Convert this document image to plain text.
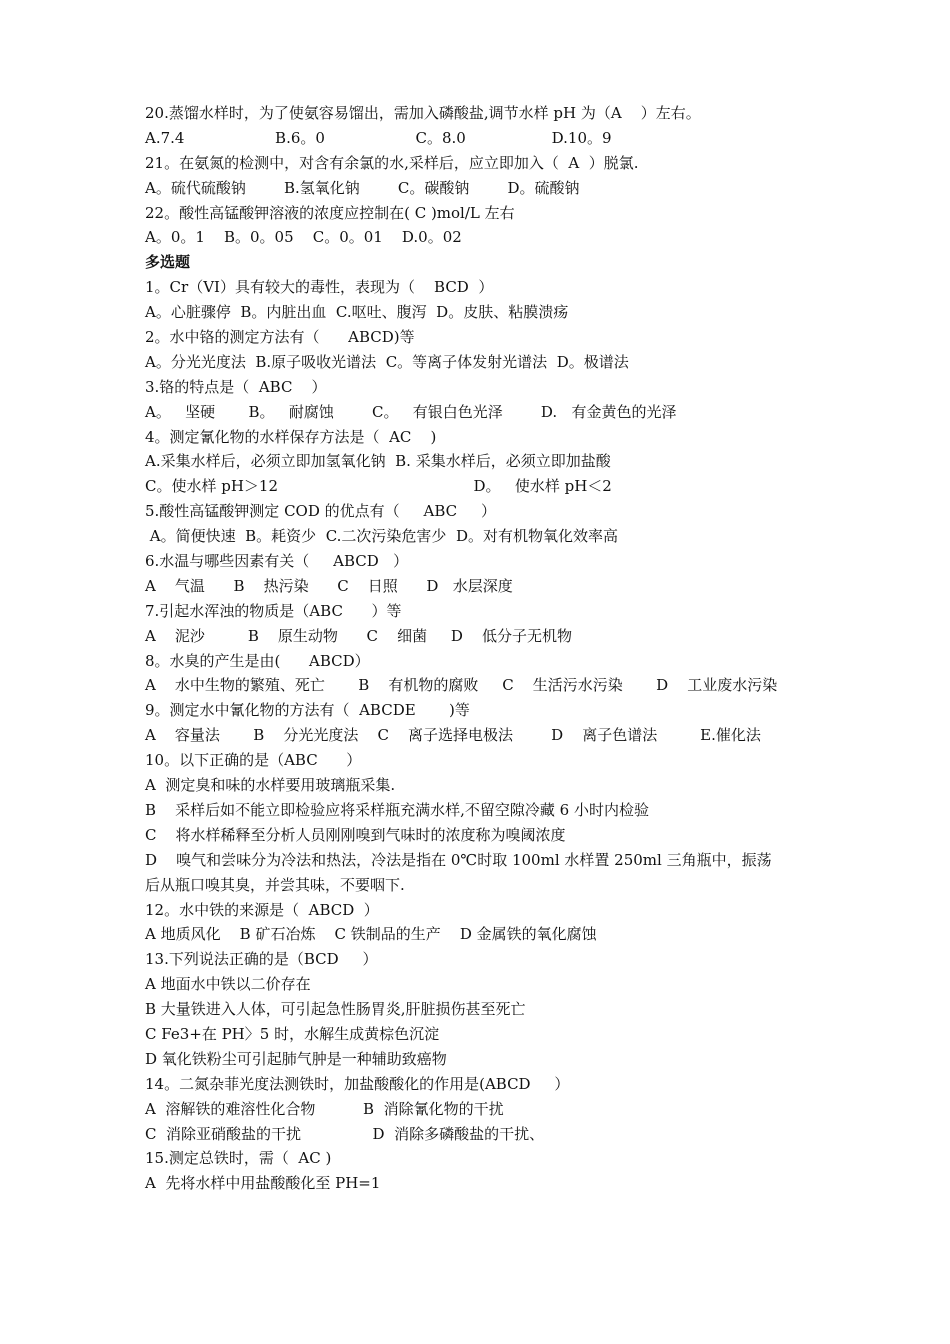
20.蒸馏水样时，为了使氨容易馏出，需加入磷酸盐,调节水样 pH 为（A    ）左右。
A.7.4                   B.6。0                   C。8.0                  D.10。9
21。在氨氮的检测中，对含有余氯的水,采样后，应立即加入（  A  ）脱氯.
A。硫代硫酸钠        B.氢氧化钠        C。碳酸钠        D。硫酸钠
22。酸性高锰酸钾溶液的浓度应控制在( C )mol/L 左右
A。0。1    B。0。05    C。0。01    D.0。02
多选题
1。Cr（VI）具有较大的毒性，表现为（    BCD  ）
A。心脏骤停  B。内脏出血  C.呕吐、腹泻  D。皮肤、粘膜溃疡
2。水中铬的测定方法有（      ABCD)等
A。分光光度法  B.原子吸收光谱法  C。等离子体发射光谱法  D。极谱法
3.铬的特点是（  ABC    ）
A。   坚硬       B。   耐腐蚀        C。   有银白色光泽        D.   有金黄色的光泽
4。测定氰化物的水样保存方法是（  AC    )
A.采集水样后，必须立即加氢氧化钠  B. 采集水样后，必须立即加盐酸
C。使水样 pH＞12                                         D。   使水样 pH＜2
5.酸性高锰酸钾测定 COD 的优点有（     ABC     ）
A。简便快速  B。耗资少  C.二次污染危害少  D。对有机物氧化效率高
6.水温与哪些因素有关（     ABCD   ）
A    气温      B    热污染      C    日照      D   水层深度
7.引起水浑浊的物质是（ABC      ）等
A    泥沙         B    原生动物      C    细菌     D    低分子无机物
8。水臭的产生是由(      ABCD）
A    水中生物的繁殖、死亡       B    有机物的腐败     C    生活污水污染       D    工业废水污染
9。测定水中氰化物的方法有（  ABCDE       )等
A    容量法       B    分光光度法    C    离子选择电极法        D    离子色谱法         E.催化法
10。以下正确的是（ABC      ）
A  测定臭和味的水样要用玻璃瓶采集.
B    采样后如不能立即检验应将采样瓶充满水样,不留空隙冷藏 6 小时内检验
C    将水样稀释至分析人员刚刚嗅到气味时的浓度称为嗅阈浓度
D    嗅气和尝味分为冷法和热法，冷法是指在 0℃时取 100ml 水样置 250ml 三角瓶中，振荡
后从瓶口嗅其臭，并尝其味，不要咽下.
12。水中铁的来源是（  ABCD  ）
A 地质风化    B 矿石冶炼    C 铁制品的生产    D 金属铁的氧化腐蚀
13.下列说法正确的是（BCD     ）
A 地面水中铁以二价存在
B 大量铁进入人体，可引起急性肠胃炎,肝脏损伤甚至死亡
C Fe3+在 PH〉5 时，水解生成黄棕色沉淀
D 氧化铁粉尘可引起肺气肿是一种辅助致癌物
14。二氮杂菲光度法测铁时，加盐酸酸化的作用是(ABCD     ）
A  溶解铁的难溶性化合物          B  消除氰化物的干扰
C  消除亚硝酸盐的干扰               D  消除多磷酸盐的干扰、
15.测定总铁时，需（  AC )
A  先将水样中用盐酸酸化至 PH=1
